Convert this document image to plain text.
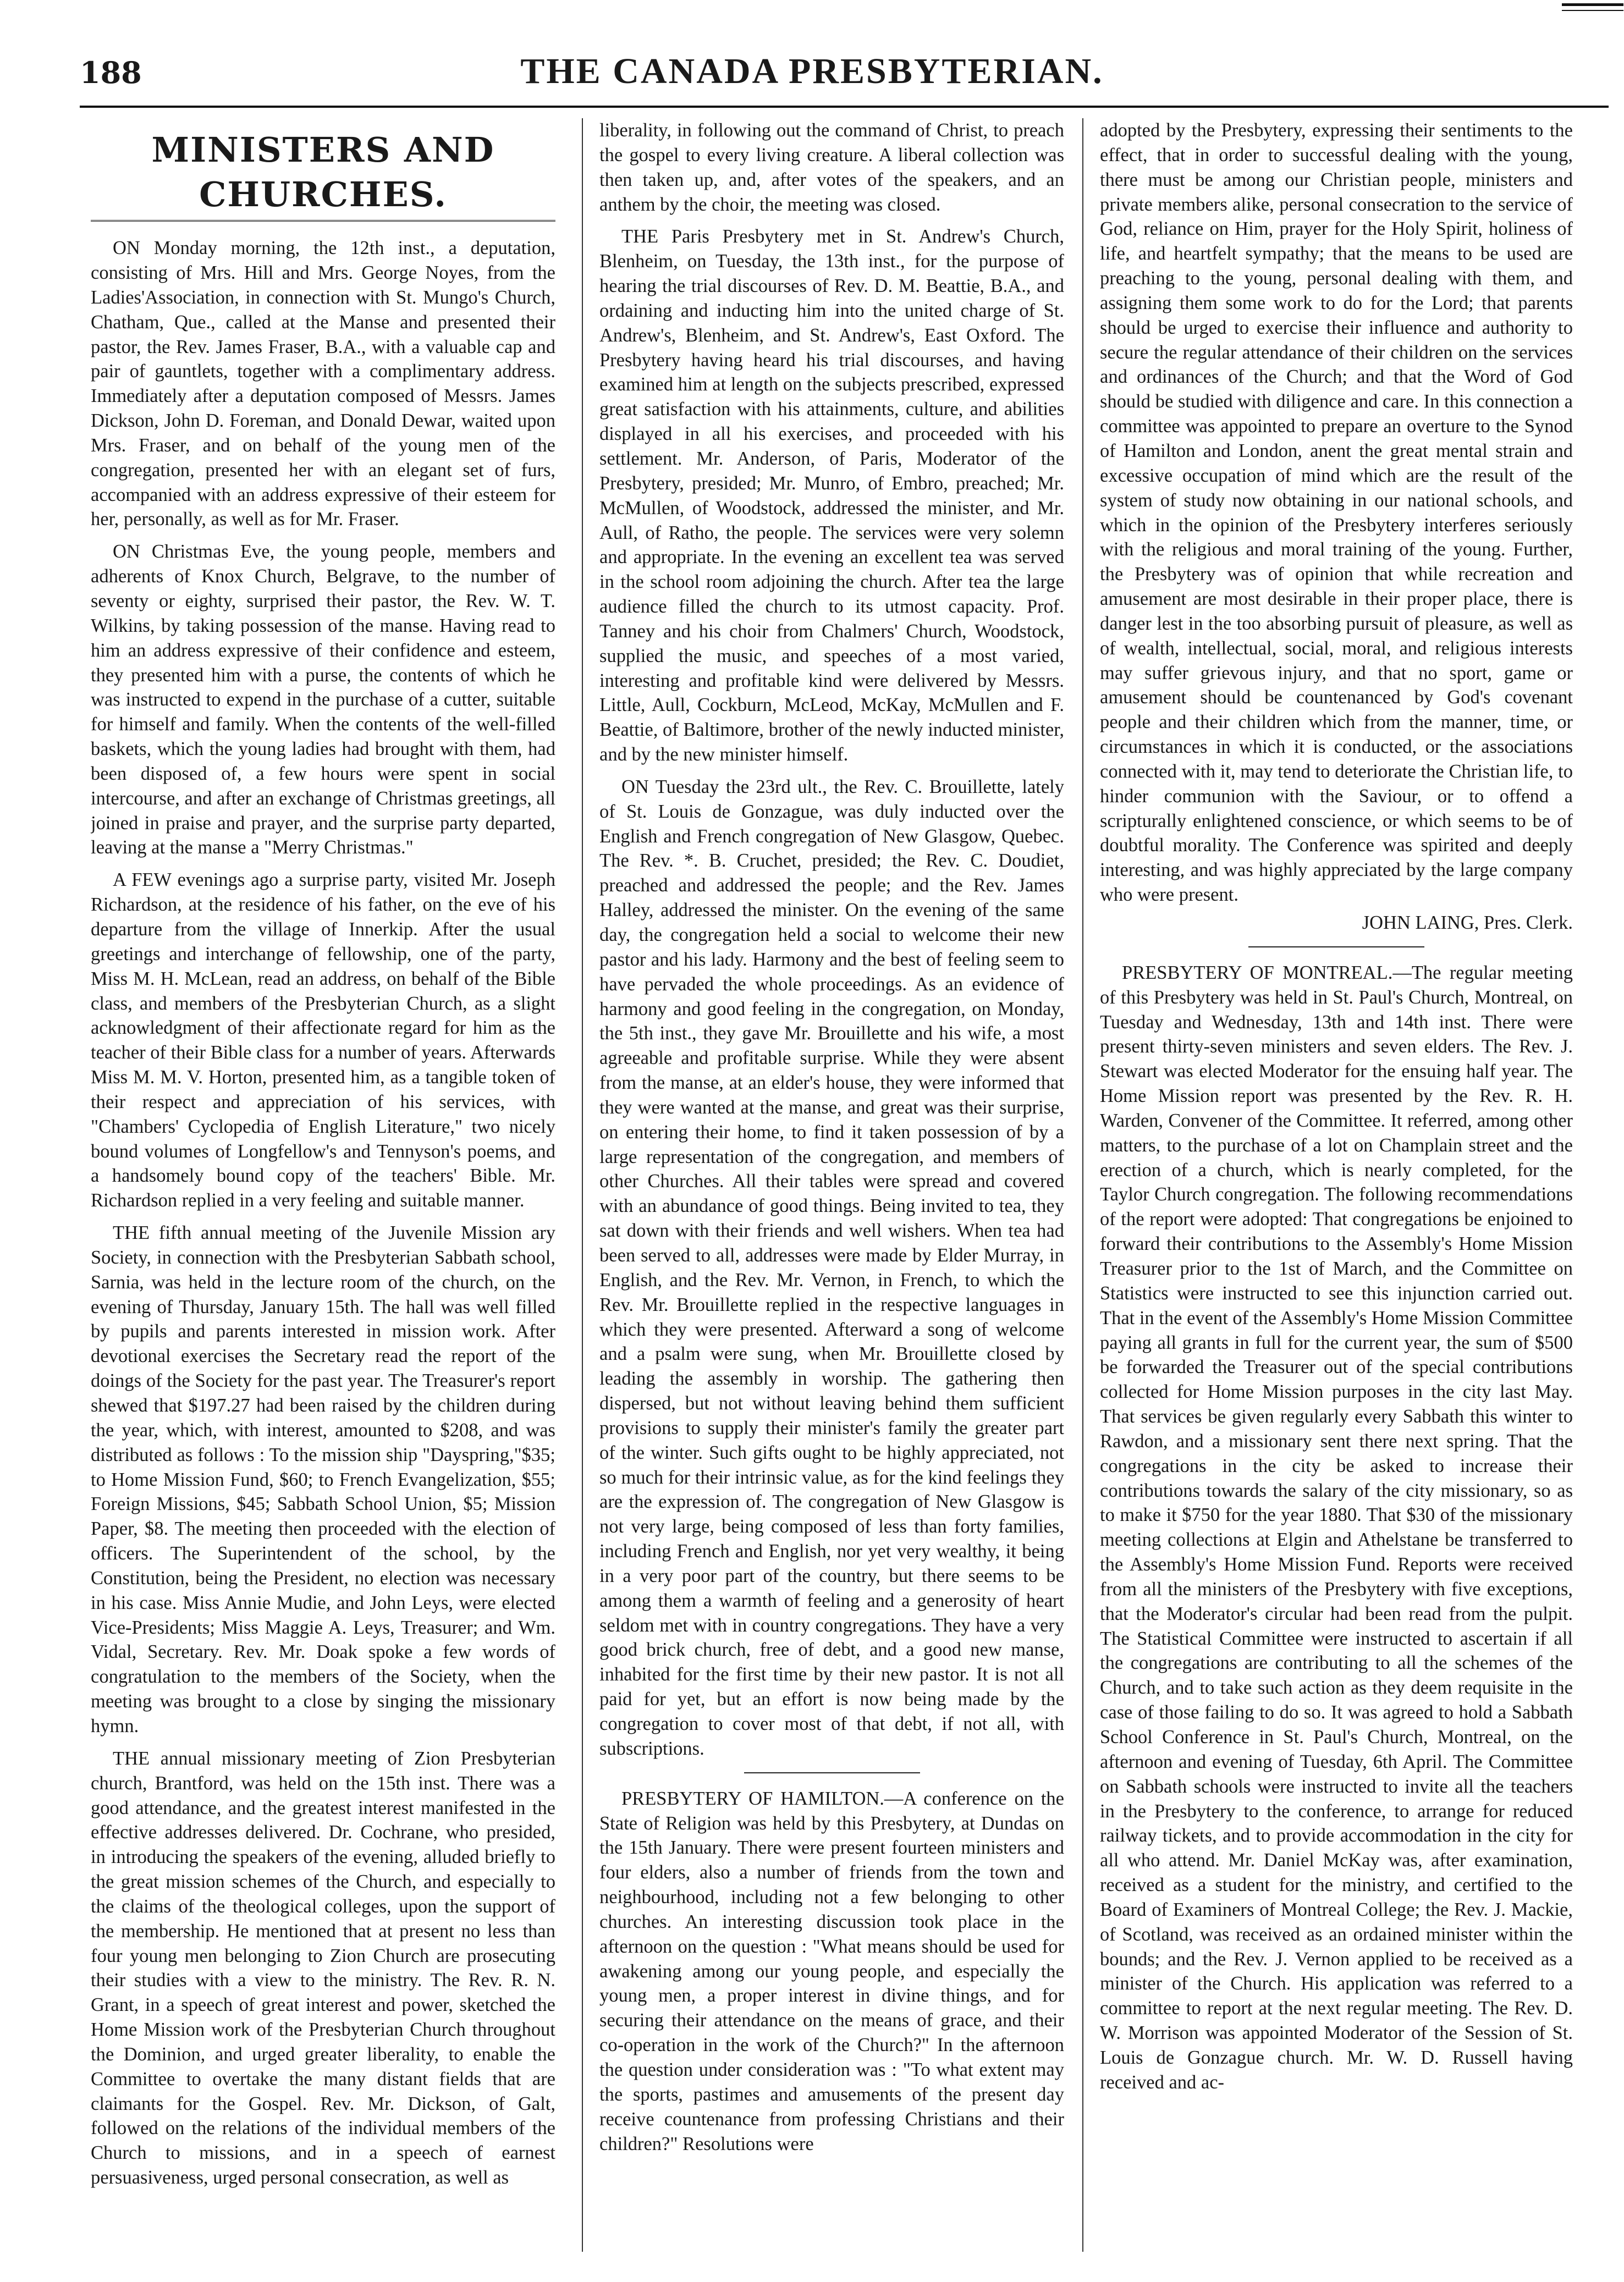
188	THE CANADA PRESBYTERIAN.
MINISTERS AND CHURCHES.

ON Monday morning, the 12th inst., a deputation, consisting of Mrs. Hill and Mrs. George Noyes, from the Ladies'Association, in connection with St. Mungo's Church, Chatham, Que., called at the Manse and presented their pastor, the Rev. James Fraser, B.A., with a valuable cap and pair of gauntlets, together with a complimentary address. Immediately after a deputation composed of Messrs. James Dickson, John D. Foreman, and Donald Dewar, waited upon Mrs. Fraser, and on behalf of the young men of the congregation, presented her with an elegant set of furs, accompanied with an address expressive of their esteem for her, personally, as well as for Mr. Fraser.

ON Christmas Eve, the young people, members and adherents of Knox Church, Belgrave, to the number of seventy or eighty, surprised their pastor, the Rev. W. T. Wilkins, by taking possession of the manse. Having read to him an address expressive of their confidence and esteem, they presented him with a purse, the contents of which he was instructed to expend in the purchase of a cutter, suitable for himself and family. When the contents of the well-filled baskets, which the young ladies had brought with them, had been disposed of, a few hours were spent in social intercourse, and after an exchange of Christmas greetings, all joined in praise and prayer, and the surprise party departed, leaving at the manse a "Merry Christmas."

A FEW evenings ago a surprise party, visited Mr. Joseph Richardson, at the residence of his father, on the eve of his departure from the village of Innerkip. After the usual greetings and interchange of fellowship, one of the party, Miss M. H. McLean, read an address, on behalf of the Bible class, and members of the Presbyterian Church, as a slight acknowledgment of their affectionate regard for him as the teacher of their Bible class for a number of years. Afterwards Miss M. M. V. Horton, presented him, as a tangible token of their respect and appreciation of his services, with "Chambers' Cyclopedia of English Literature," two nicely bound volumes of Longfellow's and Tennyson's poems, and a handsomely bound copy of the teachers' Bible. Mr. Richardson replied in a very feeling and suitable manner.

THE fifth annual meeting of the Juvenile Mission ary Society, in connection with the Presbyterian Sabbath school, Sarnia, was held in the lecture room of the church, on the evening of Thursday, January 15th. The hall was well filled by pupils and parents interested in mission work. After devotional exercises the Secretary read the report of the doings of the Society for the past year. The Treasurer's report shewed that $197.27 had been raised by the children during the year, which, with interest, amounted to $208, and was distributed as follows : To the mission ship "Dayspring,"$35; to Home Mission Fund, $60; to French Evangelization, $55; Foreign Missions, $45; Sabbath School Union, $5; Mission Paper, $8. The meeting then proceeded with the election of officers. The Superintendent of the school, by the Constitution, being the President, no election was necessary in his case. Miss Annie Mudie, and John Leys, were elected Vice-Presidents; Miss Maggie A. Leys, Treasurer; and Wm. Vidal, Secretary. Rev. Mr. Doak spoke a few words of congratulation to the members of the Society, when the meeting was brought to a close by singing the missionary hymn.

THE annual missionary meeting of Zion Presbyterian church, Brantford, was held on the 15th inst. There was a good attendance, and the greatest interest manifested in the effective addresses delivered. Dr. Cochrane, who presided, in introducing the speakers of the evening, alluded briefly to the great mission schemes of the Church, and especially to the claims of the theological colleges, upon the support of the membership. He mentioned that at present no less than four young men belonging to Zion Church are prosecuting their studies with a view to the ministry. The Rev. R. N. Grant, in a speech of great interest and power, sketched the Home Mission work of the Presbyterian Church throughout the Dominion, and urged greater liberality, to enable the Committee to overtake the many distant fields that are claimants for the Gospel. Rev. Mr. Dickson, of Galt, followed on the relations of the individual members of the Church to missions, and in a speech of earnest persuasiveness, urged personal consecration, as well as

liberality, in following out the command of Christ, to preach the gospel to every living creature. A liberal collection was then taken up, and, after votes of the speakers, and an anthem by the choir, the meeting was closed.

THE Paris Presbytery met in St. Andrew's Church, Blenheim, on Tuesday, the 13th inst., for the purpose of hearing the trial discourses of Rev. D. M. Beattie, B.A., and ordaining and inducting him into the united charge of St. Andrew's, Blenheim, and St. Andrew's, East Oxford. The Presbytery having heard his trial discourses, and having examined him at length on the subjects prescribed, expressed great satisfaction with his attainments, culture, and abilities displayed in all his exercises, and proceeded with his settlement. Mr. Anderson, of Paris, Moderator of the Presbytery, presided; Mr. Munro, of Embro, preached; Mr. McMullen, of Woodstock, addressed the minister, and Mr. Aull, of Ratho, the people. The services were very solemn and appropriate. In the evening an excellent tea was served in the school room adjoining the church. After tea the large audience filled the church to its utmost capacity. Prof. Tanney and his choir from Chalmers' Church, Woodstock, supplied the music, and speeches of a most varied, interesting and profitable kind were delivered by Messrs. Little, Aull, Cockburn, McLeod, McKay, McMullen and F. Beattie, of Baltimore, brother of the newly inducted minister, and by the new minister himself.

ON Tuesday the 23rd ult., the Rev. C. Brouillette, lately of St. Louis de Gonzague, was duly inducted over the English and French congregation of New Glasgow, Quebec. The Rev. *. B. Cruchet, presided; the Rev. C. Doudiet, preached and addressed the people; and the Rev. James Halley, addressed the minister. On the evening of the same day, the congregation held a social to welcome their new pastor and his lady. Harmony and the best of feeling seem to have pervaded the whole proceedings. As an evidence of harmony and good feeling in the congregation, on Monday, the 5th inst., they gave Mr. Brouillette and his wife, a most agreeable and profitable surprise. While they were absent from the manse, at an elder's house, they were informed that they were wanted at the manse, and great was their surprise, on entering their home, to find it taken possession of by a large representation of the congregation, and members of other Churches. All their tables were spread and covered with an abundance of good things. Being invited to tea, they sat down with their friends and well wishers. When tea had been served to all, addresses were made by Elder Murray, in English, and the Rev. Mr. Vernon, in French, to which the Rev. Mr. Brouillette replied in the respective languages in which they were presented. Afterward a song of welcome and a psalm were sung, when Mr. Brouillette closed by leading the assembly in worship. The gathering then dispersed, but not without leaving behind them sufficient provisions to supply their minister's family the greater part of the winter. Such gifts ought to be highly appreciated, not so much for their intrinsic value, as for the kind feelings they are the expression of. The congregation of New Glasgow is not very large, being composed of less than forty families, including French and English, nor yet very wealthy, it being in a very poor part of the country, but there seems to be among them a warmth of feeling and a generosity of heart seldom met with in country congregations. They have a very good brick church, free of debt, and a good new manse, inhabited for the first time by their new pastor. It is not all paid for yet, but an effort is now being made by the congregation to cover most of that debt, if not all, with subscriptions.

PRESBYTERY OF HAMILTON.—A conference on the State of Religion was held by this Presbytery, at Dundas on the 15th January. There were present fourteen ministers and four elders, also a number of friends from the town and neighbourhood, including not a few belonging to other churches. An interesting discussion took place in the afternoon on the question : "What means should be used for awakening among our young people, and especially the young men, a proper interest in divine things, and for securing their attendance on the means of grace, and their co-operation in the work of the Church?" In the afternoon the question under consideration was : "To what extent may the sports, pastimes and amusements of the present day receive countenance from professing Christians and their children?" Resolutions were

adopted by the Presbytery, expressing their sentiments to the effect, that in order to successful dealing with the young, there must be among our Christian people, ministers and private members alike, personal consecration to the service of God, reliance on Him, prayer for the Holy Spirit, holiness of life, and heartfelt sympathy; that the means to be used are preaching to the young, personal dealing with them, and assigning them some work to do for the Lord; that parents should be urged to exercise their influence and authority to secure the regular attendance of their children on the services and ordinances of the Church; and that the Word of God should be studied with diligence and care. In this connection a committee was appointed to prepare an overture to the Synod of Hamilton and London, anent the great mental strain and excessive occupation of mind which are the result of the system of study now obtaining in our national schools, and which in the opinion of the Presbytery interferes seriously with the religious and moral training of the young. Further, the Presbytery was of opinion that while recreation and amusement are most desirable in their proper place, there is danger lest in the too absorbing pursuit of pleasure, as well as of wealth, intellectual, social, moral, and religious interests may suffer grievous injury, and that no sport, game or amusement should be countenanced by God's covenant people and their children which from the manner, time, or circumstances in which it is conducted, or the associations connected with it, may tend to deteriorate the Christian life, to hinder communion with the Saviour, or to offend a scripturally enlightened conscience, or which seems to be of doubtful morality. The Conference was spirited and deeply interesting, and was highly appreciated by the large company who were present.

JOHN LAING, Pres. Clerk.

PRESBYTERY OF MONTREAL.—The regular meeting of this Presbytery was held in St. Paul's Church, Montreal, on Tuesday and Wednesday, 13th and 14th inst. There were present thirty-seven ministers and seven elders. The Rev. J. Stewart was elected Moderator for the ensuing half year. The Home Mission report was presented by the Rev. R. H. Warden, Convener of the Committee. It referred, among other matters, to the purchase of a lot on Champlain street and the erection of a church, which is nearly completed, for the Taylor Church congregation. The following recommendations of the report were adopted: That congregations be enjoined to forward their contributions to the Assembly's Home Mission Treasurer prior to the 1st of March, and the Committee on Statistics were instructed to see this injunction carried out. That in the event of the Assembly's Home Mission Committee paying all grants in full for the current year, the sum of $500 be forwarded the Treasurer out of the special contributions collected for Home Mission purposes in the city last May. That services be given regularly every Sabbath this winter to Rawdon, and a missionary sent there next spring. That the congregations in the city be asked to increase their contributions towards the salary of the city missionary, so as to make it $750 for the year 1880. That $30 of the missionary meeting collections at Elgin and Athelstane be transferred to the Assembly's Home Mission Fund. Reports were received from all the ministers of the Presbytery with five exceptions, that the Moderator's circular had been read from the pulpit. The Statistical Committee were instructed to ascertain if all the congregations are contributing to all the schemes of the Church, and to take such action as they deem requisite in the case of those failing to do so. It was agreed to hold a Sabbath School Conference in St. Paul's Church, Montreal, on the afternoon and evening of Tuesday, 6th April. The Committee on Sabbath schools were instructed to invite all the teachers in the Presbytery to the conference, to arrange for reduced railway tickets, and to provide accommodation in the city for all who attend. Mr. Daniel McKay was, after examination, received as a student for the ministry, and certified to the Board of Examiners of Montreal College; the Rev. J. Mackie, of Scotland, was received as an ordained minister within the bounds; and the Rev. J. Vernon applied to be received as a minister of the Church. His application was referred to a committee to report at the next regular meeting. The Rev. D. W. Morrison was appointed Moderator of the Session of St. Louis de Gonzague church. Mr. W. D. Russell having received and ac-
